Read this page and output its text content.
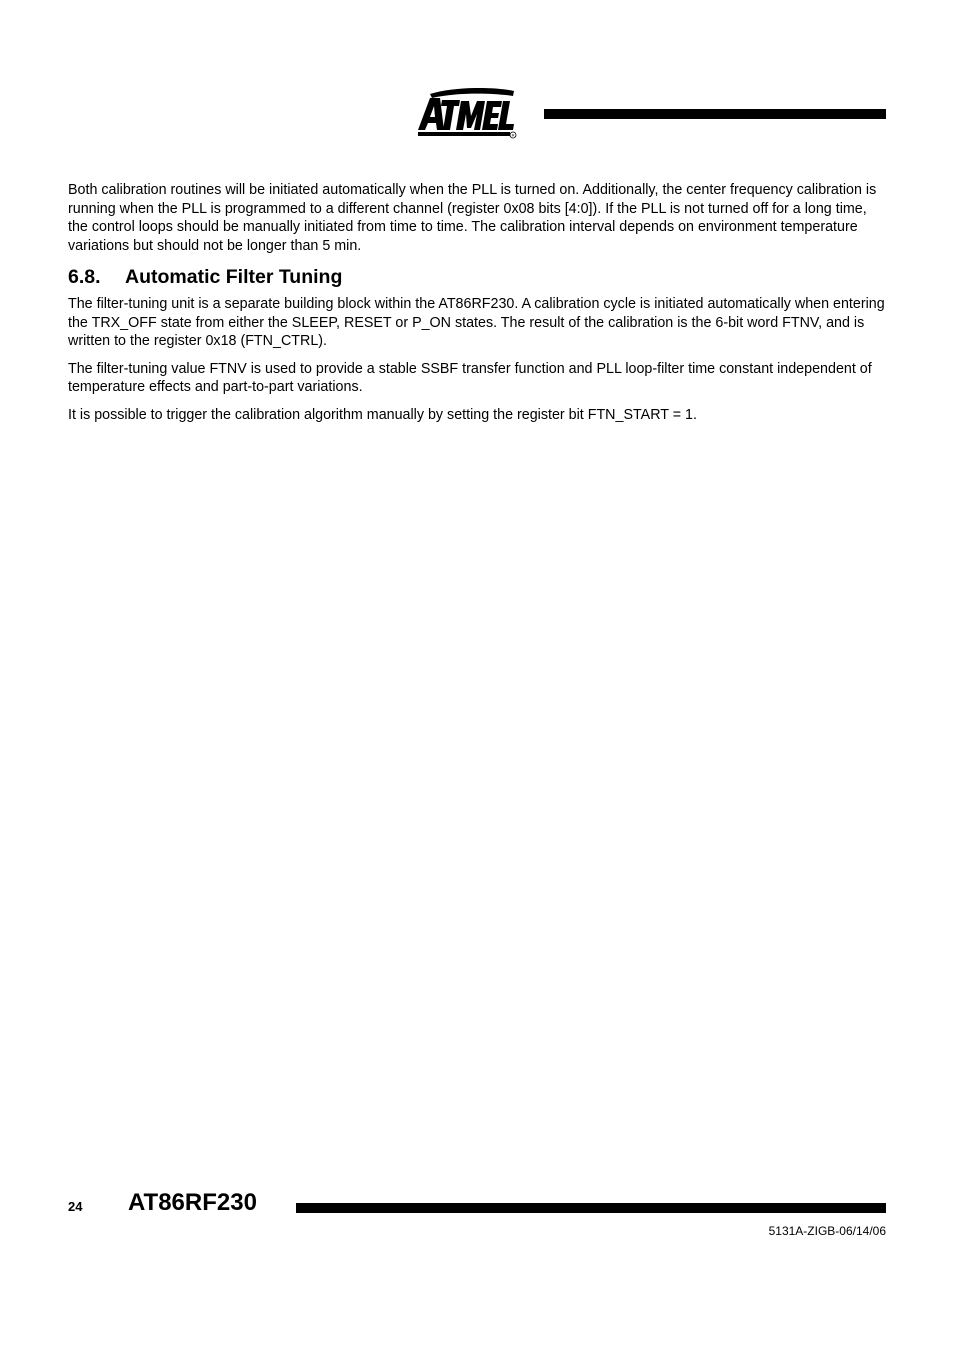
R

Both calibration routines will be initiated automatically when the PLL is turned on. Additionally, the center frequency calibration is running when the PLL is programmed to a different channel (register 0x08 bits [4:0]). If the PLL is not turned off for a long time, the control loops should be manually initiated from time to time. The calibration interval depends on environment temperature variations but should not be longer than 5 min.

6.8. Automatic Filter Tuning

The filter-tuning unit is a separate building block within the AT86RF230. A calibration cycle is initiated automatically when entering the TRX_OFF state from either the SLEEP, RESET or P_ON states. The result of the calibration is the 6-bit word FTNV, and is written to the register 0x18 (FTN_CTRL).

The filter-tuning value FTNV is used to provide a stable SSBF transfer function and PLL loop-filter time constant independent of temperature effects and part-to-part variations.

It is possible to trigger the calibration algorithm manually by setting the register bit FTN_START = 1.

24 AT86RF230
5131A-ZIGB-06/14/06
